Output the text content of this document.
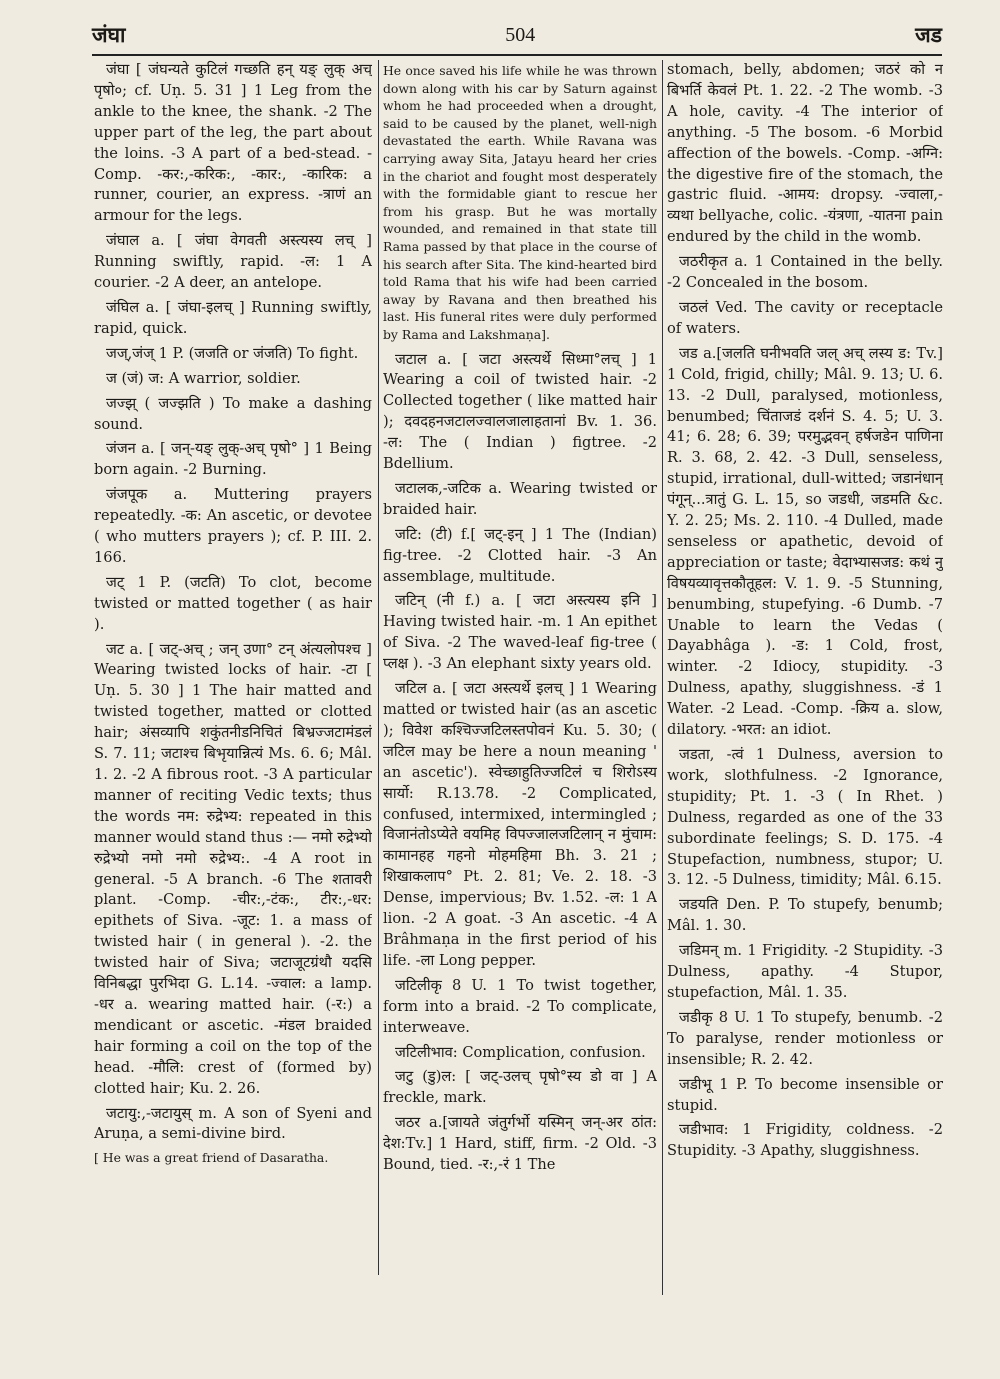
जंघा	504	जड

जंघा [ जंघन्यते कुटिलं गच्छति हन् यङ् लुक् अच् पृषो०; cf. Uṇ. 5. 31 ] 1 Leg from the ankle to the knee, the shank. -2 The upper part of the leg, the part about the loins. -3 A part of a bed-stead. -Comp. -कर:,-करिक:, -कार:, -कारिक: a runner, courier, an express. -त्राणं an armour for the legs.

जंघाल a. [ जंघा वेगवती अस्त्यस्य लच् ] Running swiftly, rapid. -ल: 1 A courier. -2 A deer, an antelope.

जंघिल a. [ जंघा-इलच् ] Running swiftly, rapid, quick.

जज्,जंज् 1 P. (जजति or जंजति) To fight.

ज (जं) ज: A warrior, soldier.

जज्झ् ( जज्झति ) To make a dashing sound.

जंजन a. [ जन्-यङ् लुक्-अच् पृषो° ] 1 Being born again. -2 Burning.

जंजपूक a. Muttering prayers repeatedly. -क: An ascetic, or devotee ( who mutters prayers ); cf. P. III. 2. 166.

जट् 1 P. (जटति) To clot, become twisted or matted together ( as hair ).

जट a. [ जट्-अच् ; जन् उणा° टन् अंत्यलोपश्च ] Wearing twisted locks of hair. -टा [ Uṇ. 5. 30 ] 1 The hair matted and twisted together, matted or clotted hair; अंसव्यापि शकुंतनीडनिचितं बिभ्रज्जटामंडलं S. 7. 11; जटाश्च बिभृयान्नित्यं Ms. 6. 6; Mâl. 1. 2. -2 A fibrous root. -3 A particular manner of reciting Vedic texts; thus the words नम: रुद्रेभ्य: repeated in this manner would stand thus :— नमो रुद्रेभ्यो रुद्रेभ्यो नमो नमो रुद्रेभ्य:. -4 A root in general. -5 A branch. -6 The शतावरी plant. -Comp. -चीर:,-टंक:, टीर:,-धर: epithets of Siva. -जूट: 1. a mass of twisted hair ( in general ). -2. the twisted hair of Siva; जटाजूटग्रंथौ यदसि विनिबद्धा पुरभिदा G. L.14. -ज्वाल: a lamp. -धर a. wearing matted hair. (-र:) a mendicant or ascetic. -मंडल braided hair forming a coil on the top of the head. -मौलि: crest of (formed by) clotted hair; Ku. 2. 26.

जटायु:,-जटायुस् m. A son of Syeni and Aruṇa, a semi-divine bird.

[ He was a great friend of Dasaratha.

He once saved his life while he was thrown down along with his car by Saturn against whom he had proceeded when a drought, said to be caused by the planet, well-nigh devastated the earth. While Ravana was carrying away Sita, Jatayu heard her cries in the chariot and fought most desperately with the formidable giant to rescue her from his grasp. But he was mortally wounded, and remained in that state till Rama passed by that place in the course of his search after Sita. The kind-hearted bird told Rama that his wife had been carried away by Ravana and then breathed his last. His funeral rites were duly performed by Rama and Lakshmaṇa].

जटाल a. [ जटा अस्त्यर्थे सिध्मा°लच् ] 1 Wearing a coil of twisted hair. -2 Collected together ( like matted hair ); दवदहनजटालज्वालजालाहतानां Bv. 1. 36. -ल: The ( Indian ) figtree. -2 Bdellium.

जटालक,-जटिक a. Wearing twisted or braided hair.

जटि: (टी) f.[ जट्-इन् ] 1 The (Indian) fig-tree. -2 Clotted hair. -3 An assemblage, multitude.

जटिन् (नी f.) a. [ जटा अस्त्यस्य इनि ] Having twisted hair. -m. 1 An epithet of Siva. -2 The waved-leaf fig-tree ( प्लक्ष ). -3 An elephant sixty years old.

जटिल a. [ जटा अस्त्यर्थे इलच् ] 1 Wearing matted or twisted hair (as an ascetic ); विवेश कश्चिज्जटिलस्तपोवनं Ku. 5. 30; ( जटिल may be here a noun meaning ' an ascetic'). स्वेच्छाहुतिज्जटिलं च शिरोऽस्य सार्यो: R.13.78. -2 Complicated, confused, intermixed, intermingled ; विजानंतोऽप्येते वयमिह विपज्जालजटिलान् न मुंचाम: कामानहह गहनो मोहमहिमा Bh. 3. 21 ; शिखाकलाप° Pt. 2. 81; Ve. 2. 18. -3 Dense, impervious; Bv. 1.52. -ल: 1 A lion. -2 A goat. -3 An ascetic. -4 A Brâhmaṇa in the first period of his life. -ला Long pepper.

जटिलीकृ 8 U. 1 To twist together, form into a braid. -2 To complicate, interweave.

जटिलीभाव: Complication, confusion.

जटु (डु)ल: [ जट्-उलच् पृषो°स्य डो वा ] A freckle, mark.

जठर a.[जायते जंतुर्गर्भो यस्मिन् जन्-अर ठांत: देश:Tv.] 1 Hard, stiff, firm. -2 Old. -3 Bound, tied. -र:,-रं 1 The

stomach, belly, abdomen; जठरं को न बिभर्ति केवलं Pt. 1. 22. -2 The womb. -3 A hole, cavity. -4 The interior of anything. -5 The bosom. -6 Morbid affection of the bowels. -Comp. -अग्नि: the digestive fire of the stomach, the gastric fluid. -आमय: dropsy. -ज्वाला,-व्यथा bellyache, colic. -यंत्रणा, -यातना pain endured by the child in the womb.

जठरीकृत a. 1 Contained in the belly. -2 Concealed in the bosom.

जठलं Ved. The cavity or receptacle of waters.

जड a.[जलति घनीभवति जल् अच् लस्य ड: Tv.] 1 Cold, frigid, chilly; Mâl. 9. 13; U. 6. 13. -2 Dull, paralysed, motionless, benumbed; चिंताजडं दर्शनं S. 4. 5; U. 3. 41; 6. 28; 6. 39; परमुद्भवन् हर्षजडेन पाणिना R. 3. 68, 2. 42. -3 Dull, senseless, stupid, irrational, dull-witted; जडानंधान् पंगून्...त्रातुं G. L. 15, so जडधी, जडमति &c. Y. 2. 25; Ms. 2. 110. -4 Dulled, made senseless or apathetic, devoid of appreciation or taste; वेदाभ्यासजड: कथं नु विषयव्यावृत्तकौतूहल: V. 1. 9. -5 Stunning, benumbing, stupefying. -6 Dumb. -7 Unable to learn the Vedas ( Dayabhâga ). -ड: 1 Cold, frost, winter. -2 Idiocy, stupidity. -3 Dulness, apathy, sluggishness. -डं 1 Water. -2 Lead. -Comp. -क्रिय a. slow, dilatory. -भरत: an idiot.

जडता, -त्वं 1 Dulness, aversion to work, slothfulness. -2 Ignorance, stupidity; Pt. 1. -3 ( In Rhet. ) Dulness, regarded as one of the 33 subordinate feelings; S. D. 175. -4 Stupefaction, numbness, stupor; U. 3. 12. -5 Dulness, timidity; Mâl. 6.15.

जडयति Den. P. To stupefy, benumb; Mâl. 1. 30.

जडिमन् m. 1 Frigidity. -2 Stupidity. -3 Dulness, apathy. -4 Stupor, stupefaction, Mâl. 1. 35.

जडीकृ 8 U. 1 To stupefy, benumb. -2 To paralyse, render motionless or insensible; R. 2. 42.

जडीभू 1 P. To become insensible or stupid.

जडीभाव: 1 Frigidity, coldness. -2 Stupidity. -3 Apathy, sluggishness.
